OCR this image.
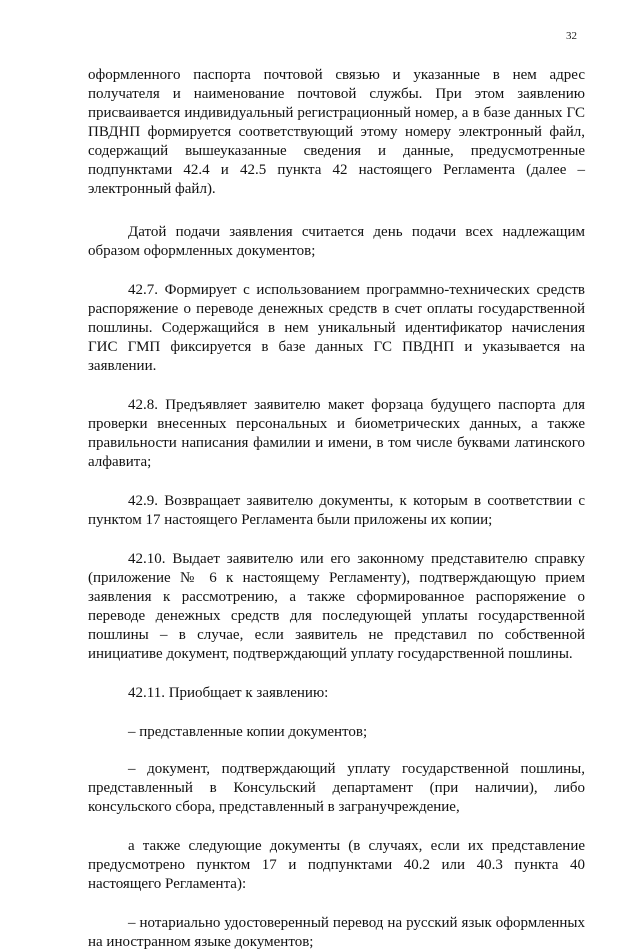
32

оформленного паспорта почтовой связью и указанные в нем адрес получателя и наименование почтовой службы. При этом заявлению присваивается индивидуальный регистрационный номер, а в базе данных ГС ПВДНП формируется соответствующий этому номеру электронный файл, содержащий вышеуказанные сведения и данные, предусмотренные подпунктами 42.4 и 42.5 пункта 42 настоящего Регламента (далее – электронный файл).

Датой подачи заявления считается день подачи всех надлежащим образом оформленных документов;

42.7. Формирует с использованием программно-технических средств распоряжение о переводе денежных средств в счет оплаты государственной пошлины. Содержащийся в нем уникальный идентификатор начисления ГИС ГМП фиксируется в базе данных ГС ПВДНП и указывается на заявлении.

42.8. Предъявляет заявителю макет форзаца будущего паспорта для проверки внесенных персональных и биометрических данных, а также правильности написания фамилии и имени, в том числе буквами латинского алфавита;

42.9. Возвращает заявителю документы, к которым в соответствии с пунктом 17 настоящего Регламента были приложены их копии;

42.10. Выдает заявителю или его законному представителю справку (приложение № 6 к настоящему Регламенту), подтверждающую прием заявления к рассмотрению, а также сформированное распоряжение о переводе денежных средств для последующей уплаты государственной пошлины – в случае, если заявитель не представил по собственной инициативе документ, подтверждающий уплату государственной пошлины.

42.11. Приобщает к заявлению:

– представленные копии документов;

– документ, подтверждающий уплату государственной пошлины, представленный в Консульский департамент (при наличии), либо консульского сбора, представленный в загранучреждение,

а также следующие документы (в случаях, если их представление предусмотрено пунктом 17 и подпунктами 40.2 или 40.3 пункта 40 настоящего Регламента):

– нотариально удостоверенный перевод на русский язык оформленных на иностранном языке документов;
